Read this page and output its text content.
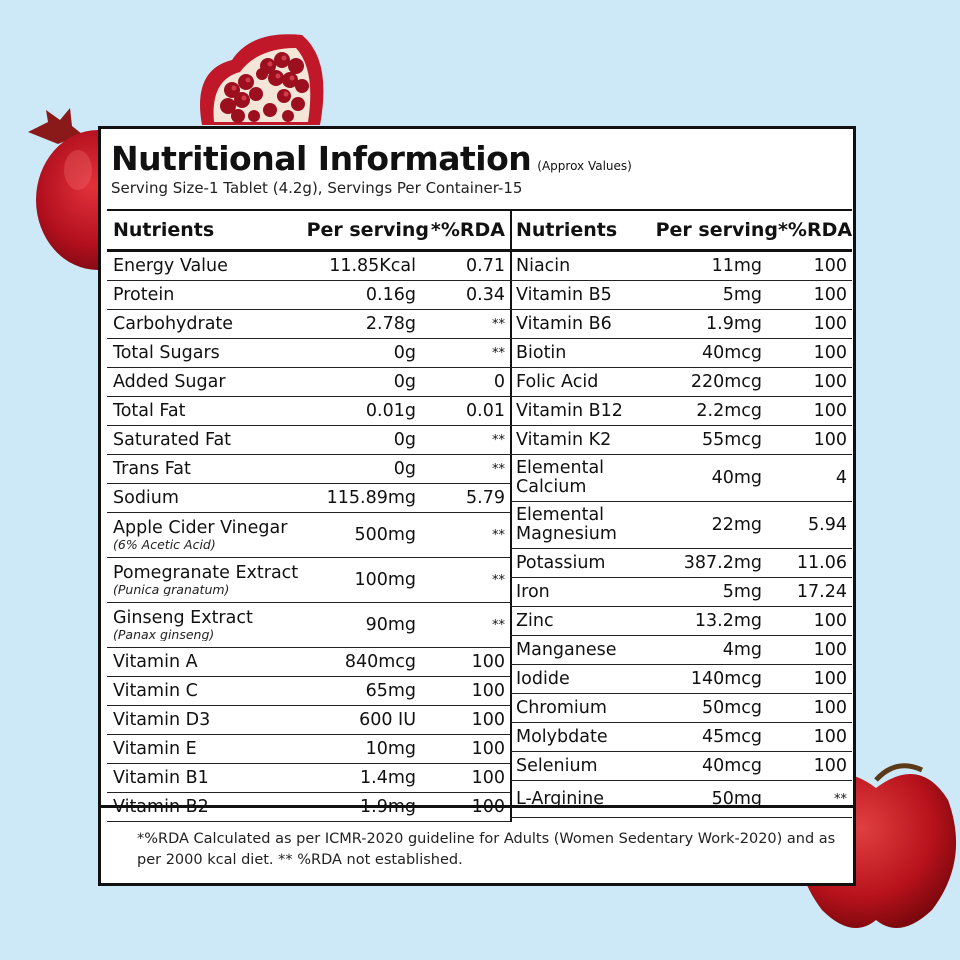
Nutritional Information (Approx Values)
Serving Size-1 Tablet (4.2g), Servings Per Container-15
Nutrients	Per serving *%RDA
Energy Value	11.85Kcal	0.71
Protein	0.16g	0.34
Carbohydrate	2.78g	**
Total Sugars	0g	**
Added Sugar	0g	0
Total Fat	0.01g	0.01
Saturated Fat	0g	**
Trans Fat	0g	**
Sodium	115.89mg	5.79
Apple Cider Vinegar
(6% Acetic Acid)	500mg	**
Pomegranate Extract
(Punica granatum)	100mg	**
Ginseng Extract
(Panax ginseng)	90mg	**
Vitamin A	840mcg	100
Vitamin C	65mg	100
Vitamin D3	600 IU	100
Vitamin E	10mg	100
Vitamin B1	1.4mg	100
Vitamin B2	1.9mg	100
Nutrients	Per serving *%RDA
Niacin	11mg	100
Vitamin B5	5mg	100
Vitamin B6	1.9mg	100
Biotin	40mcg	100
Folic Acid	220mcg	100
Vitamin B12	2.2mcg	100
Vitamin K2	55mcg	100
Elemental
Calcium	40mg	4
Elemental
Magnesium	22mg	5.94
Potassium	387.2mg	11.06
Iron	5mg	17.24
Zinc	13.2mg	100
Manganese	4mg	100
Iodide	140mcg	100
Chromium	50mcg	100
Molybdate	45mcg	100
Selenium	40mcg	100
L-Arginine	50mg	**
*%RDA Calculated as per ICMR-2020 guideline for Adults (Women Sedentary Work-2020) and as per 2000 kcal diet. ** %RDA not established.
